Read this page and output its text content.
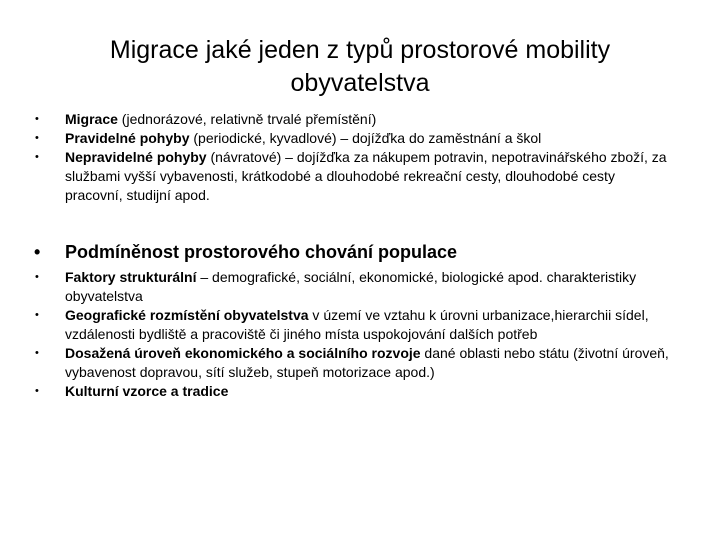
Migrace jaké jeden z typů prostorové mobility
obyvatelstva
• Migrace (jednorázové, relativně trvalé přemístění)
• Pravidelné pohyby (periodické, kyvadlové) – dojížďka do zaměstnání a škol
• Nepravidelné pohyby (návratové) – dojížďka za nákupem potravin, nepotravinářského zboží, za službami vyšší vybavenosti, krátkodobé a dlouhodobé rekreační cesty, dlouhodobé cesty pracovní, studijní apod.
• Podmíněnost prostorového chování populace
• Faktory strukturální – demografické, sociální, ekonomické, biologické apod. charakteristiky obyvatelstva
• Geografické rozmístění obyvatelstva v území ve vztahu k úrovni urbanizace,hierarchii sídel, vzdálenosti bydliště a pracoviště či jiného místa uspokojování dalších potřeb
• Dosažená úroveň ekonomického a sociálního rozvoje dané oblasti nebo státu (životní úroveň, vybavenost dopravou, sítí služeb, stupeň motorizace apod.)
• Kulturní vzorce a tradice
